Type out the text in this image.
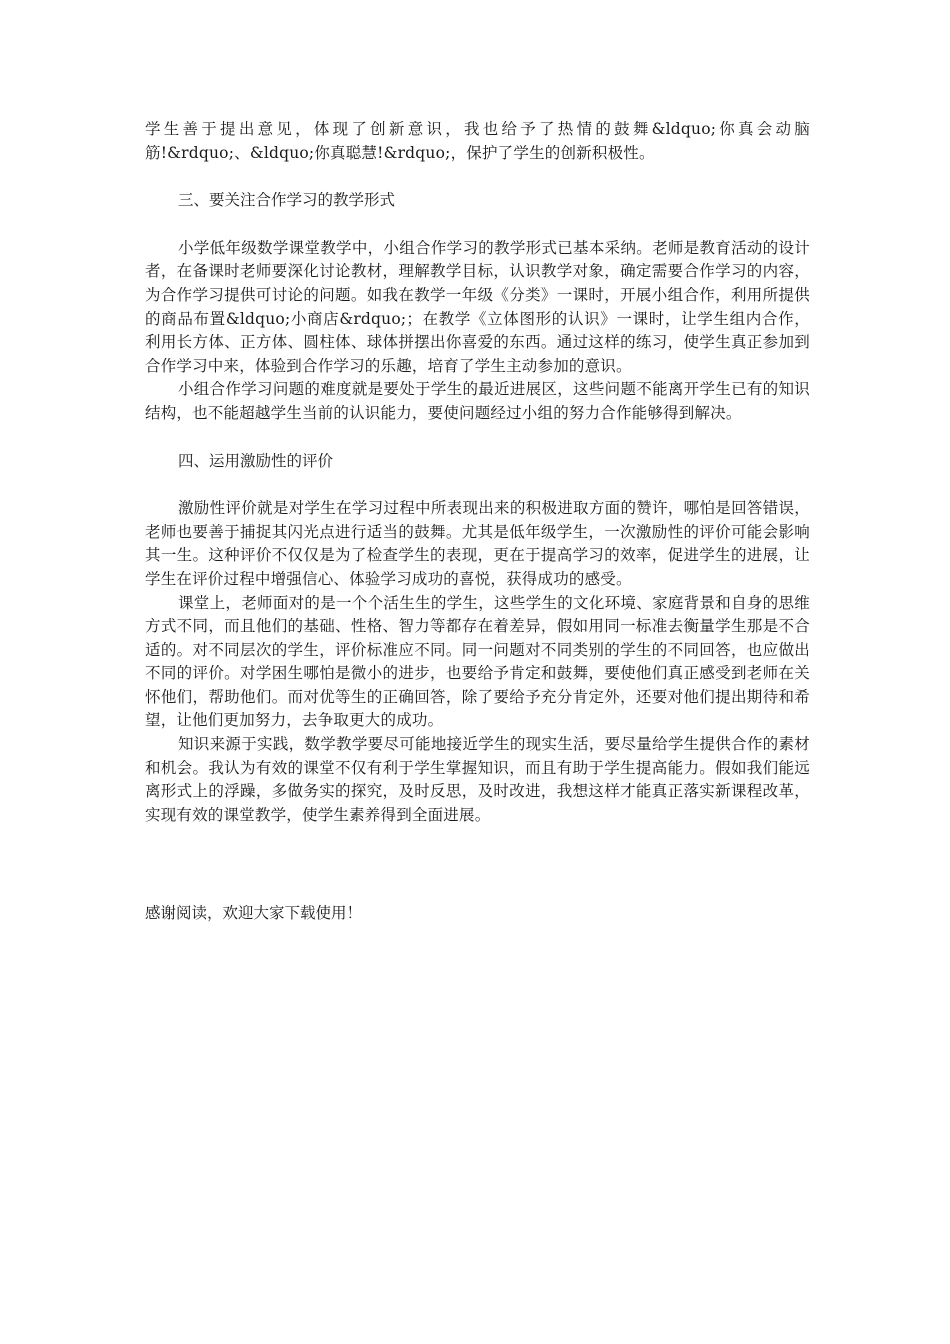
学生善于提出意见，体现了创新意识，我也给予了热情的鼓舞&ldquo;你真会动脑筋!&rdquo;、&ldquo;你真聪慧!&rdquo;，保护了学生的创新积极性。

三、要关注合作学习的教学形式

小学低年级数学课堂教学中，小组合作学习的教学形式已基本采纳。老师是教育活动的设计者，在备课时老师要深化讨论教材，理解教学目标，认识教学对象，确定需要合作学习的内容，为合作学习提供可讨论的问题。如我在教学一年级《分类》一课时，开展小组合作，利用所提供的商品布置&ldquo;小商店&rdquo;；在教学《立体图形的认识》一课时，让学生组内合作，利用长方体、正方体、圆柱体、球体拼摆出你喜爱的东西。通过这样的练习，使学生真正参加到合作学习中来，体验到合作学习的乐趣，培育了学生主动参加的意识。

小组合作学习问题的难度就是要处于学生的最近进展区，这些问题不能离开学生已有的知识结构，也不能超越学生当前的认识能力，要使问题经过小组的努力合作能够得到解决。

四、运用激励性的评价

激励性评价就是对学生在学习过程中所表现出来的积极进取方面的赞许，哪怕是回答错误，老师也要善于捕捉其闪光点进行适当的鼓舞。尤其是低年级学生，一次激励性的评价可能会影响其一生。这种评价不仅仅是为了检查学生的表现，更在于提高学习的效率，促进学生的进展，让学生在评价过程中增强信心、体验学习成功的喜悦，获得成功的感受。

课堂上，老师面对的是一个个活生生的学生，这些学生的文化环境、家庭背景和自身的思维方式不同，而且他们的基础、性格、智力等都存在着差异，假如用同一标准去衡量学生那是不合适的。对不同层次的学生，评价标准应不同。同一问题对不同类别的学生的不同回答，也应做出不同的评价。对学困生哪怕是微小的进步，也要给予肯定和鼓舞，要使他们真正感受到老师在关怀他们，帮助他们。而对优等生的正确回答，除了要给予充分肯定外，还要对他们提出期待和希望，让他们更加努力，去争取更大的成功。

知识来源于实践，数学教学要尽可能地接近学生的现实生活，要尽量给学生提供合作的素材和机会。我认为有效的课堂不仅有利于学生掌握知识，而且有助于学生提高能力。假如我们能远离形式上的浮躁，多做务实的探究，及时反思，及时改进，我想这样才能真正落实新课程改革，实现有效的课堂教学，使学生素养得到全面进展。

感谢阅读，欢迎大家下载使用！
